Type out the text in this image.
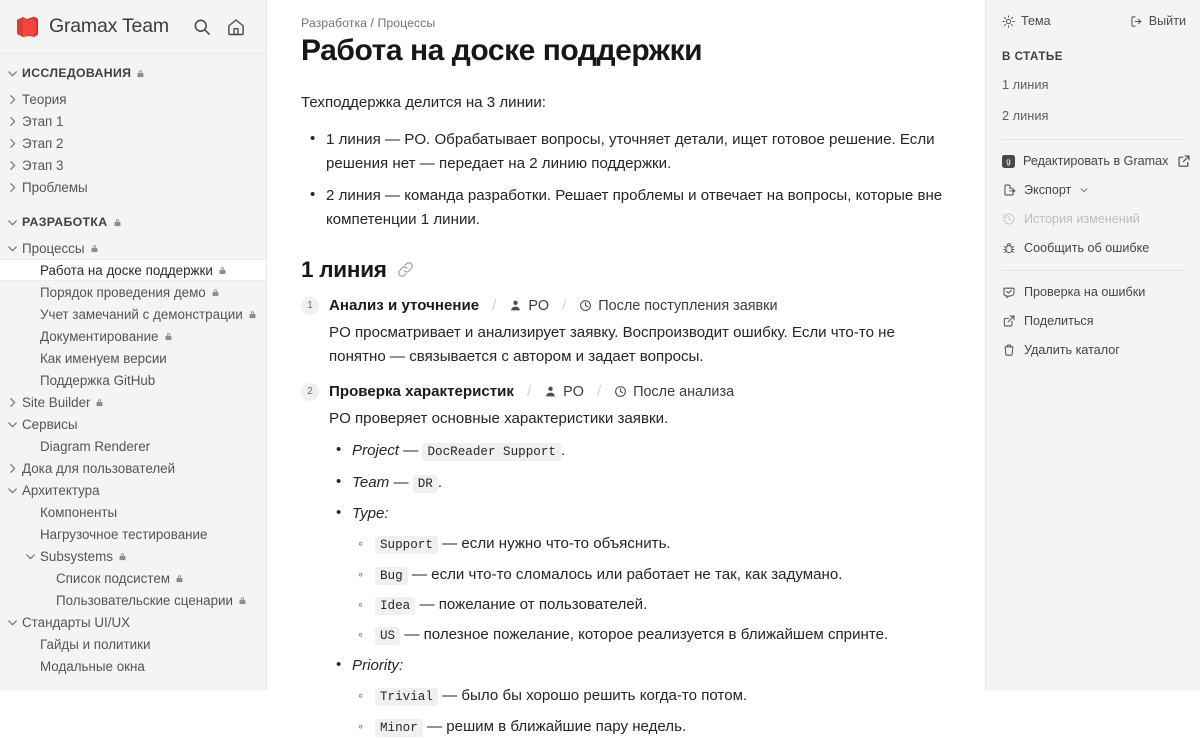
Gramax Team
ИССЛЕДОВАНИЯ
Теория
Этап 1
Этап 2
Этап 3
Проблемы
РАЗРАБОТКА
Процессы
Работа на доске поддержки
Порядок проведения демо
Учет замечаний с демонстрации
Документирование
Как именуем версии
Поддержка GitHub
Site Builder
Сервисы
Diagram Renderer
Дока для пользователей
Архитектура
Компоненты
Нагрузочное тестирование
Subsystems
Список подсистем
Пользовательские сценарии
Стандарты UI/UX
Гайды и политики
Модальные окна
Разработка / Процессы
Работа на доске поддержки

Техподдержка делится на 3 линии:

• 1 линия — PO. Обрабатывает вопросы, уточняет детали, ищет готовое решение. Если решения нет — передает на 2 линию поддержки.
• 2 линия — команда разработки. Решает проблемы и отвечает на вопросы, которые вне компетенции 1 линии.
1 линия
1	Анализ и уточнение / PO / После поступления заявки

PO просматривает и анализирует заявку. Воспроизводит ошибку. Если что-то не понятно — связывается с автором и задает вопросы.

2	Проверка характеристик / PO / После анализа

PO проверяет основные характеристики заявки.

• Project — DocReader Support .
• Team — DR .
• Type:
◦ Support — если нужно что-то объяснить.
◦ Bug — если что-то сломалось или работает не так, как задумано.
◦ Idea — пожелание от пользователей.
◦ US — полезное пожелание, которое реализуется в ближайшем спринте.
• Priority:
◦ Trivial — было бы хорошо решить когда-то потом.
◦ Minor — решим в ближайшие пару недель.
Тема	Выйти
В СТАТЬЕ
1 линия
2 линия
g Редактировать в Gramax
Экспорт
История изменений
Сообщить об ошибке
Проверка на ошибки
Поделиться
Удалить каталог
